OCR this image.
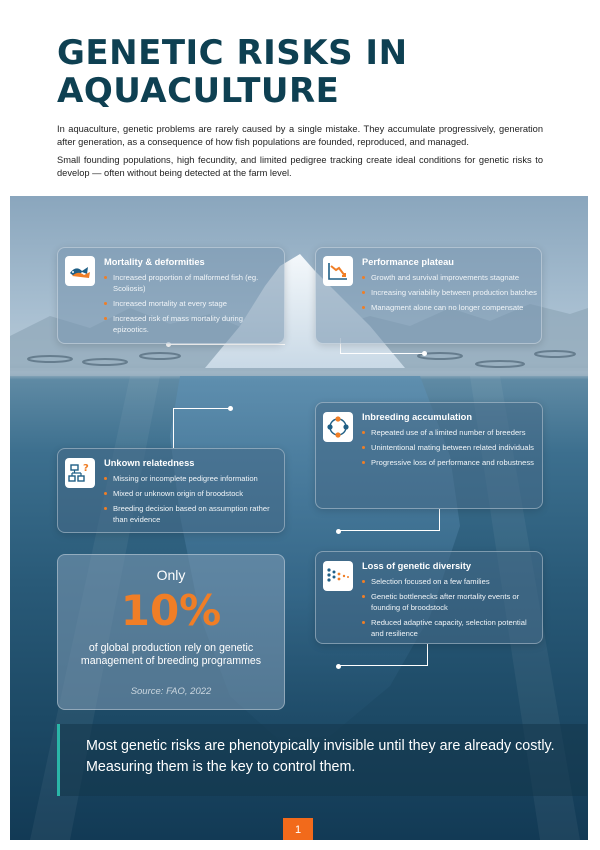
GENETIC RISKS IN AQUACULTURE

In aquaculture, genetic problems are rarely caused by a single mistake. They accumulate progressively, generation after generation, as a consequence of how fish populations are founded, reproduced, and managed.

Small founding populations, high fecundity, and limited pedigree tracking create ideal conditions for genetic risks to develop — often without being detected at the farm level.

Mortality & deformities
Increased proportion of malformed fish (eg. Scoliosis)
Increased mortality at every stage
Increased risk of mass mortality during epizootics.
Performance plateau
Growth and survival improvements stagnate
Increasing variability between production batches
Managment alone can no longer compensate
Inbreeding accumulation
Repeated use of a limited number of breeders
Unintentional mating between related individuals
Progressive loss of performance and robustness
? Unkown relatedness
Missing or incomplete pedigree information
Mixed or unknown origin of broodstock
Breeding decision based on assumption rather than evidence
Loss of genetic diversity
Selection focused on a few families
Genetic bottlenecks after mortality events or founding of broodstock
Reduced adaptive capacity, selection potential and resilience
Only
10%
of global production rely on genetic management of breeding programmes
Source: FAO, 2022

Most genetic risks are phenotypically invisible until they are already costly. Measuring them is the key to control them.

1
